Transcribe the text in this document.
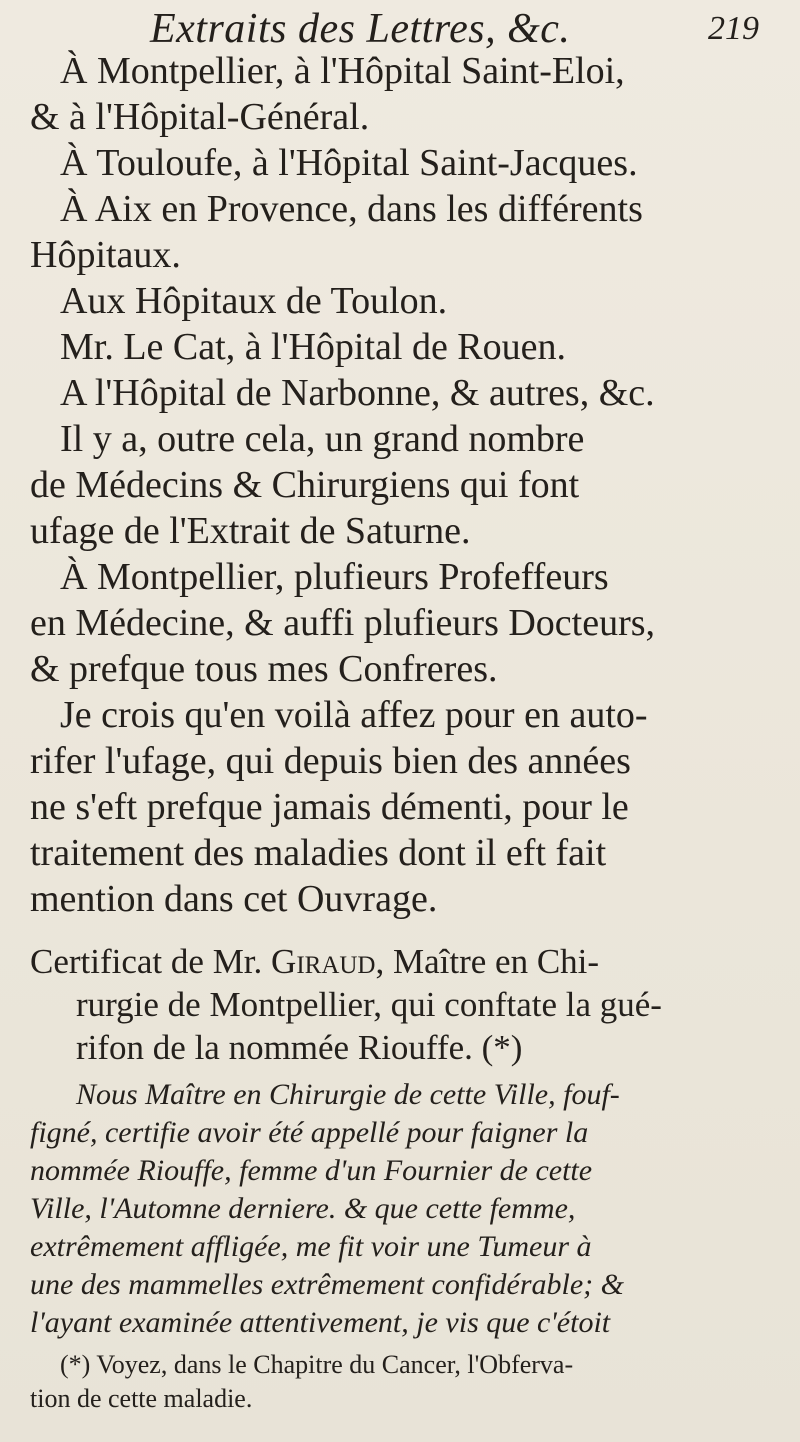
Extraits des Lettres, &c.	219
À Montpellier, à l'Hôpital Saint-Eloi,
& à l'Hôpital-Général.
À Touloufe, à l'Hôpital Saint-Jacques.
À Aix en Provence, dans les différents
Hôpitaux.
Aux Hôpitaux de Toulon.
Mr. Le Cat, à l'Hôpital de Rouen.
A l'Hôpital de Narbonne, & autres, &c.
Il y a, outre cela, un grand nombre
de Médecins & Chirurgiens qui font
ufage de l'Extrait de Saturne.
À Montpellier, plufieurs Profeffeurs
en Médecine, & auffi plufieurs Docteurs,
& prefque tous mes Confreres.
Je crois qu'en voilà affez pour en auto-
rifer l'ufage, qui depuis bien des années
ne s'eft prefque jamais démenti, pour le
traitement des maladies dont il eft fait
mention dans cet Ouvrage.
Certificat de Mr. Giraud, Maître en Chi-
rurgie de Montpellier, qui conftate la gué-
rifon de la nommée Riouffe. (*)
Nous Maître en Chirurgie de cette Ville, fouf-
figné, certifie avoir été appellé pour faigner la
nommée Riouffe, femme d'un Fournier de cette
Ville, l'Automne derniere. & que cette femme,
extrêmement affligée, me fit voir une Tumeur à
une des mammelles extrêmement confidérable; &
l'ayant examinée attentivement, je vis que c'étoit
(*) Voyez, dans le Chapitre du Cancer, l'Obferva-
tion de cette maladie.
